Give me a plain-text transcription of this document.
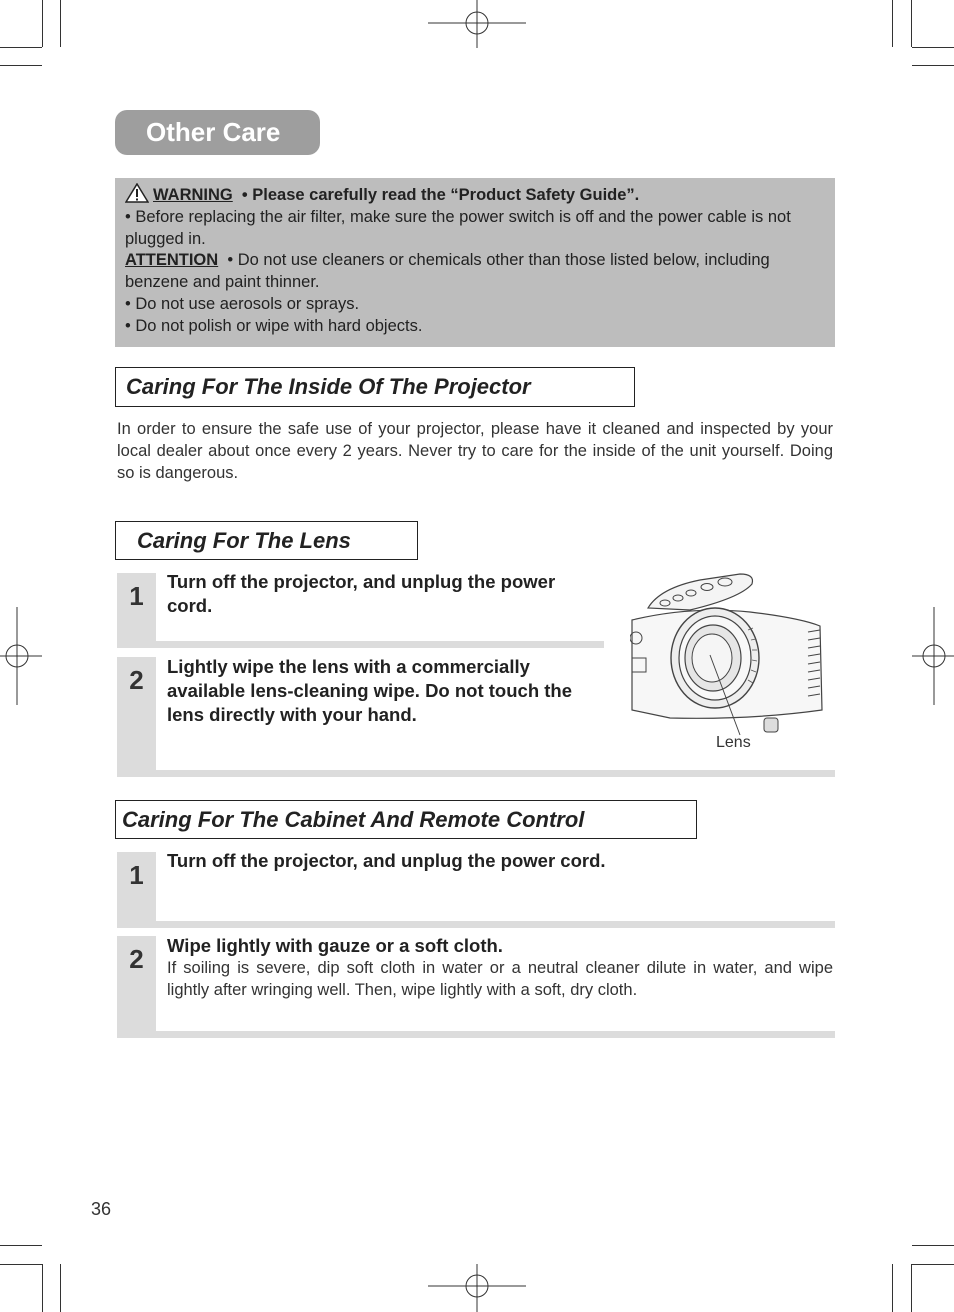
Other Care
WARNING • Please carefully read the “Product Safety Guide”.
• Before replacing the air filter, make sure the power switch is off and the power cable is not plugged in.
ATTENTION • Do not use cleaners or chemicals other than those listed below, including benzene and paint thinner.
• Do not use aerosols or sprays.
• Do not polish or wipe with hard objects.
Caring For The Inside Of The Projector
In order to ensure the safe use of your projector, please have it cleaned and inspected by your local dealer about once every 2 years. Never try to care for the inside of the unit yourself. Doing so is dangerous.
Caring For The Lens
1	Turn off the projector, and unplug the power cord.
2	Lightly wipe the lens with a commercially available lens-cleaning wipe. Do not touch the lens directly with your hand.
Lens
Caring For The Cabinet And Remote Control
1	Turn off the projector, and unplug the power cord.
2	Wipe lightly with gauze or a soft cloth.
If soiling is severe, dip soft cloth in water or a neutral cleaner dilute in water, and wipe lightly after wringing well. Then, wipe lightly with a soft, dry cloth.
36
